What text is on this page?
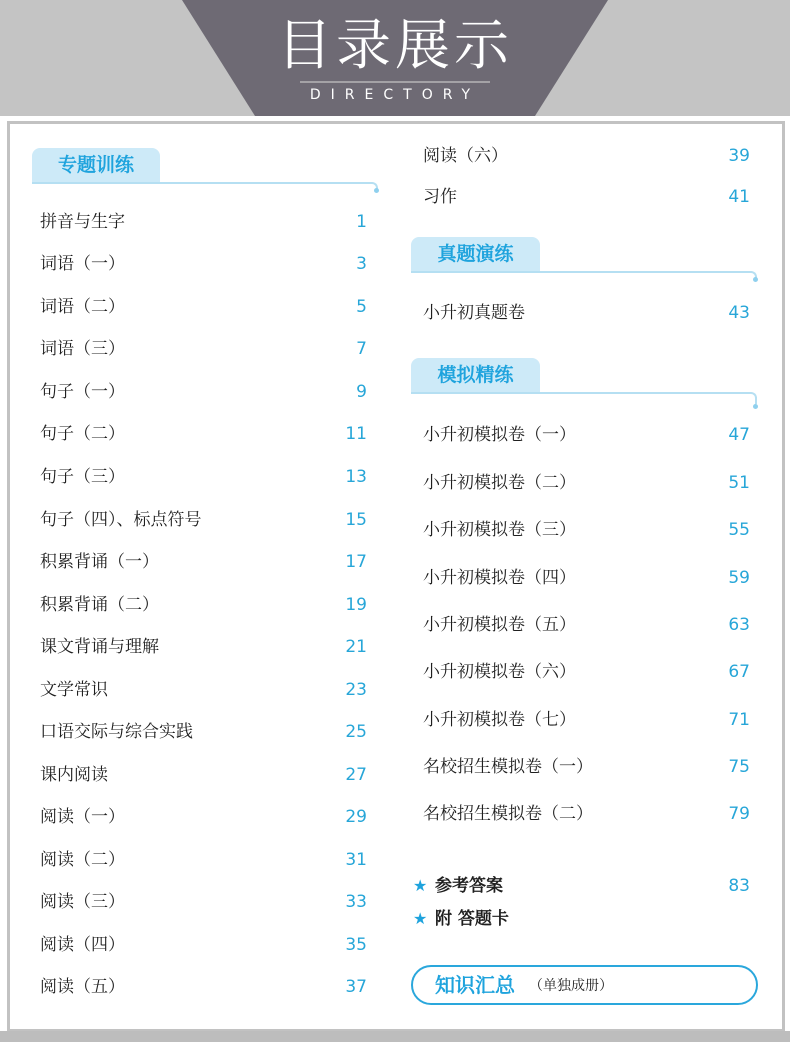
目录展示
DIRECTORY
专题训练
拼音与生字	1
词语（一）	3
词语（二）	5
词语（三）	7
句子（一）	9
句子（二）	11
句子（三）	13
句子（四）、标点符号	15
积累背诵（一）	17
积累背诵（二）	19
课文背诵与理解	21
文学常识	23
口语交际与综合实践	25
课内阅读	27
阅读（一）	29
阅读（二）	31
阅读（三）	33
阅读（四）	35
阅读（五）	37
阅读（六）	39
习作	41
小升初真题卷	43
小升初模拟卷（一）	47
小升初模拟卷（二）	51
小升初模拟卷（三）	55
小升初模拟卷（四）	59
小升初模拟卷（五）	63
小升初模拟卷（六）	67
小升初模拟卷（七）	71
名校招生模拟卷（一）	75
名校招生模拟卷（二）	79
真题演练
模拟精练
★ 参考答案	83
★ 附 答题卡
知识汇总 （单独成册）
